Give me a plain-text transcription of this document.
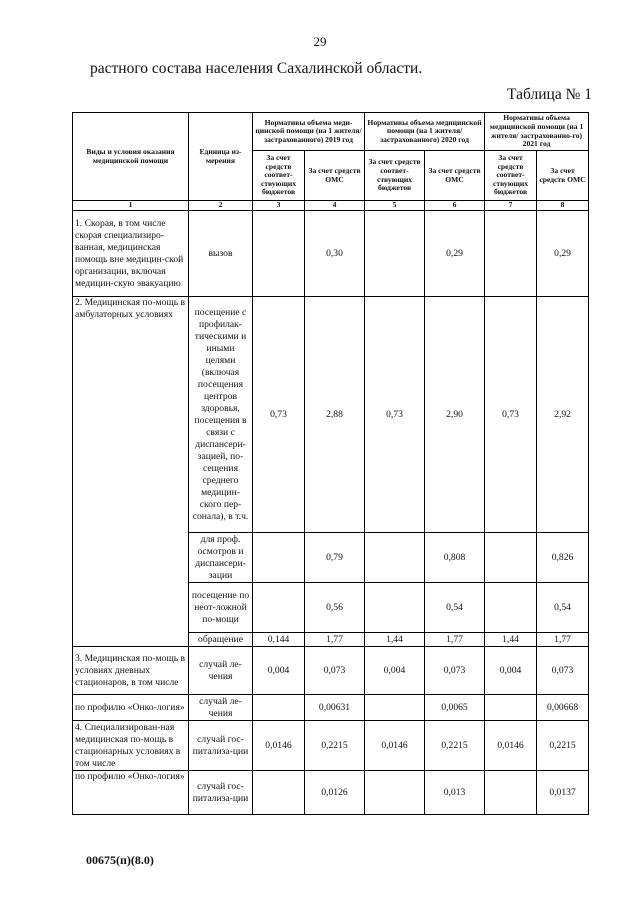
29
растного состава населения Сахалинской области.
Таблица № 1
Виды и условия оказания медицинской помощи	Единица из-мерения	Нормативы объема меди-цинской помощи (на 1 жителя/ застрахованного) 2019 год		Нормативы объема медицинской помощи (на 1 жителя/ застрахованного) 2020 год		Нормативы объема медицинской помощи (на 1 жителя/ застрахованно-го) 2021 год	
		За счет средств соответ-ствующих бюджетов	За счет средств ОМС	За счет средств соответ-ствующих бюджетов	За счет средств ОМС	За счет средств соответ-ствующих бюджетов	За счет средств ОМС
1	2	3	4	5	6	7	8
1. Скорая, в том числе скорая специализиро-ванная, медицинская помощь вне медицин-ской организации, включая медицин-скую эвакуацию	вызов		0,30		0,29		0,29
2. Медицинская по-мощь в амбулаторных условиях	посещение с профилак-тическими и иными целями (включая посещения центров здоровья, посещения в связи с диспансери-зацией, по-сещения среднего медицин-ского пер-сонала), в т.ч.	0,73	2,88	0,73	2,90	0,73	2,92
	для проф. осмотров и диспансери-зации		0,79		0,808		0,826
	посещение по неот-ложной по-мощи		0,56		0,54		0,54
	обращение	0,144	1,77	1,44	1,77	1,44	1,77
3. Медицинская по-мощь в условиях дневных стационаров, в том числе	случай ле-чения	0,004	0,073	0,004	0,073	0,004	0,073
по профилю «Онко-логия»	случай ле-чения		0,00631		0,0065		0,00668
4. Специализирован-ная медицинская по-мощь в стационарных условиях в том числе	случай гос-питализа-ции	0,0146	0,2215	0,0146	0,2215	0,0146	0,2215
по профилю «Онко-логия»	случай гос-питализа-ции		0,0126		0,013		0,0137
00675(п)(8.0)
